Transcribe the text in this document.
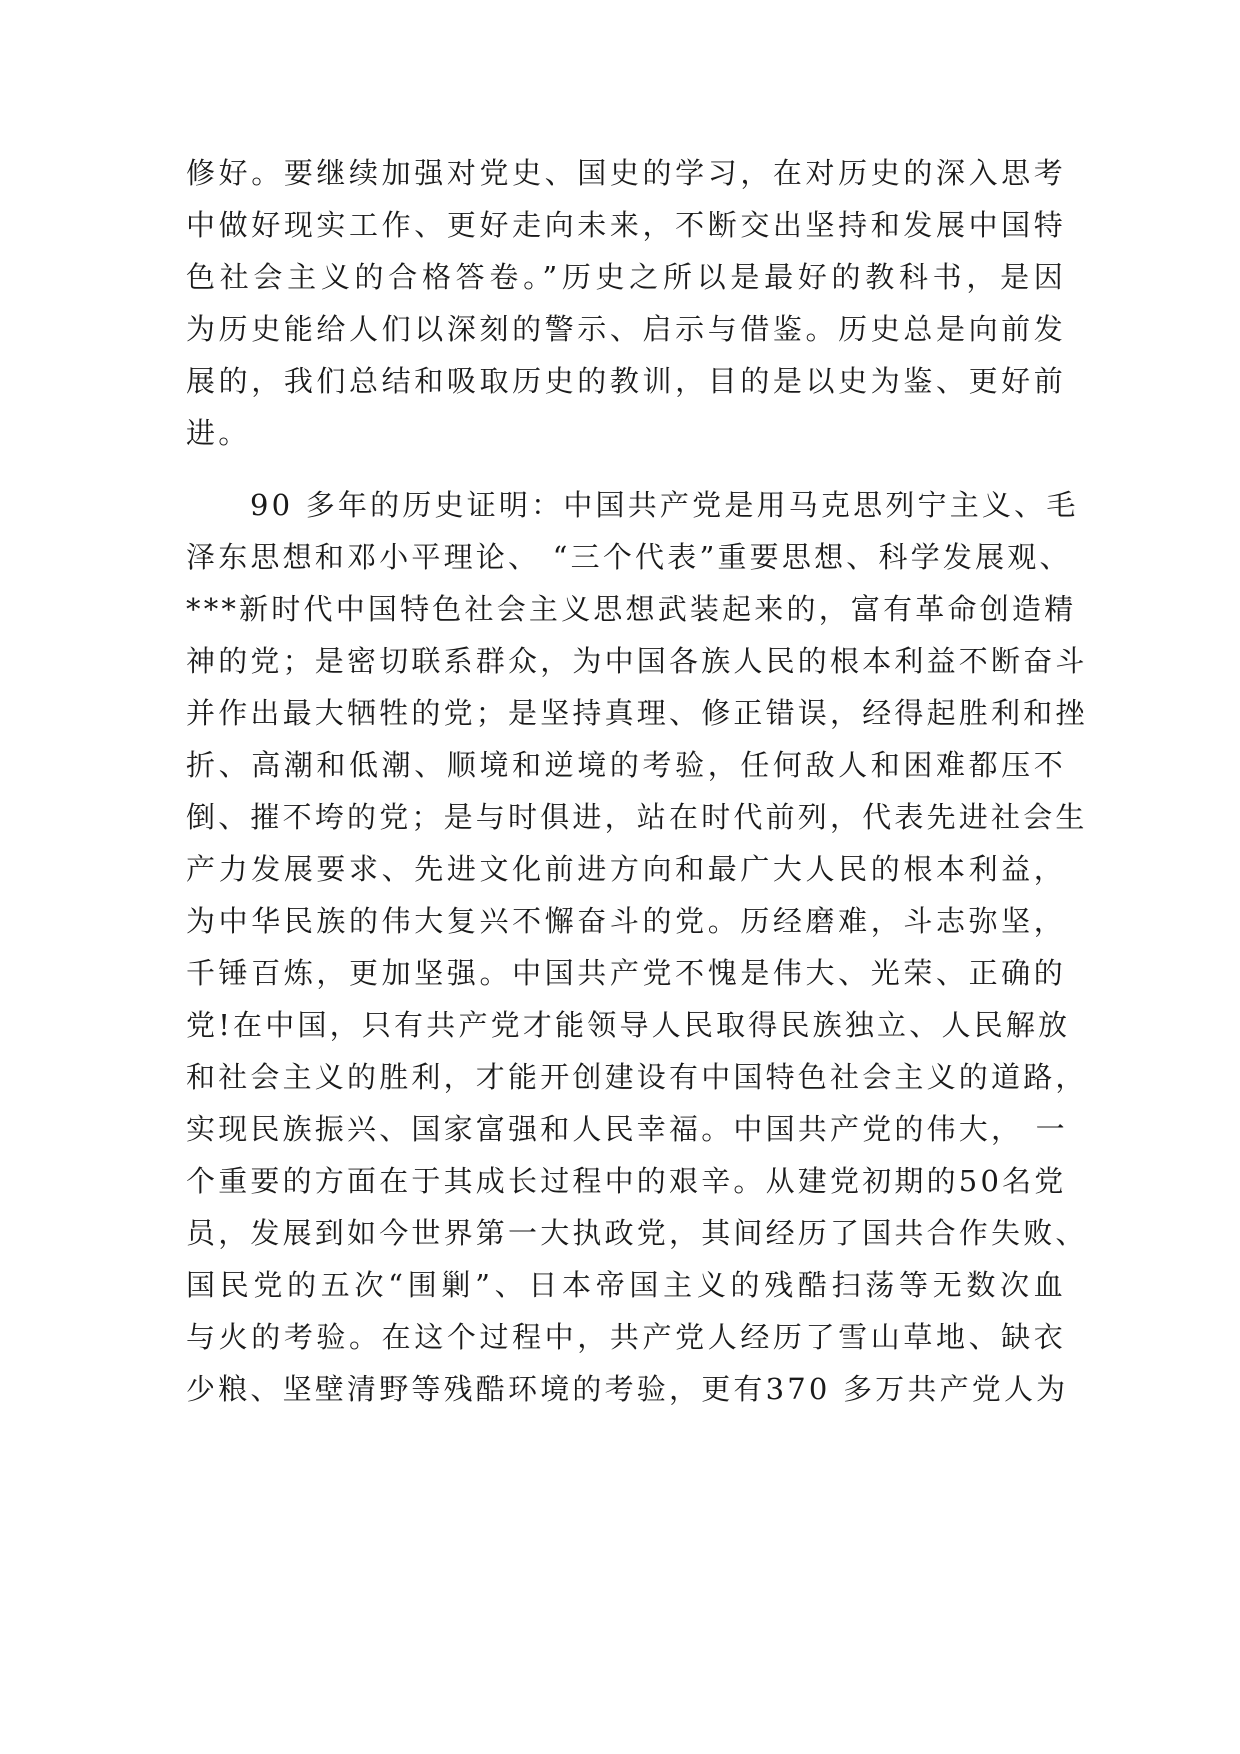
修好。要继续加强对党史、国史的学习，在对历史的深入思考
中做好现实工作、更好走向未来，不断交出坚持和发展中国特
色社会主义的合格答卷。”历史之所以是最好的教科书，是因
为历史能给人们以深刻的警示、启示与借鉴。历史总是向前发
展的，我们总结和吸取历史的教训，目的是以史为鉴、更好前
进。
90 多年的历史证明：中国共产党是用马克思列宁主义、毛
泽东思想和邓小平理论、 “三个代表”重要思想、科学发展观、
***新时代中国特色社会主义思想武装起来的，富有革命创造精
神的党；是密切联系群众，为中国各族人民的根本利益不断奋斗
并作出最大牺牲的党；是坚持真理、修正错误，经得起胜利和挫
折、高潮和低潮、顺境和逆境的考验，任何敌人和困难都压不
倒、摧不垮的党；是与时俱进，站在时代前列，代表先进社会生
产力发展要求、先进文化前进方向和最广大人民的根本利益，
为中华民族的伟大复兴不懈奋斗的党。历经磨难，斗志弥坚，
千锤百炼，更加坚强。中国共产党不愧是伟大、光荣、正确的
党!在中国，只有共产党才能领导人民取得民族独立、人民解放
和社会主义的胜利，才能开创建设有中国特色社会主义的道路，
实现民族振兴、国家富强和人民幸福。中国共产党的伟大， 一
个重要的方面在于其成长过程中的艰辛。从建党初期的50名党
员，发展到如今世界第一大执政党，其间经历了国共合作失败、
国民党的五次“围剿”、日本帝国主义的残酷扫荡等无数次血
与火的考验。在这个过程中，共产党人经历了雪山草地、缺衣
少粮、坚壁清野等残酷环境的考验，更有370 多万共产党人为
